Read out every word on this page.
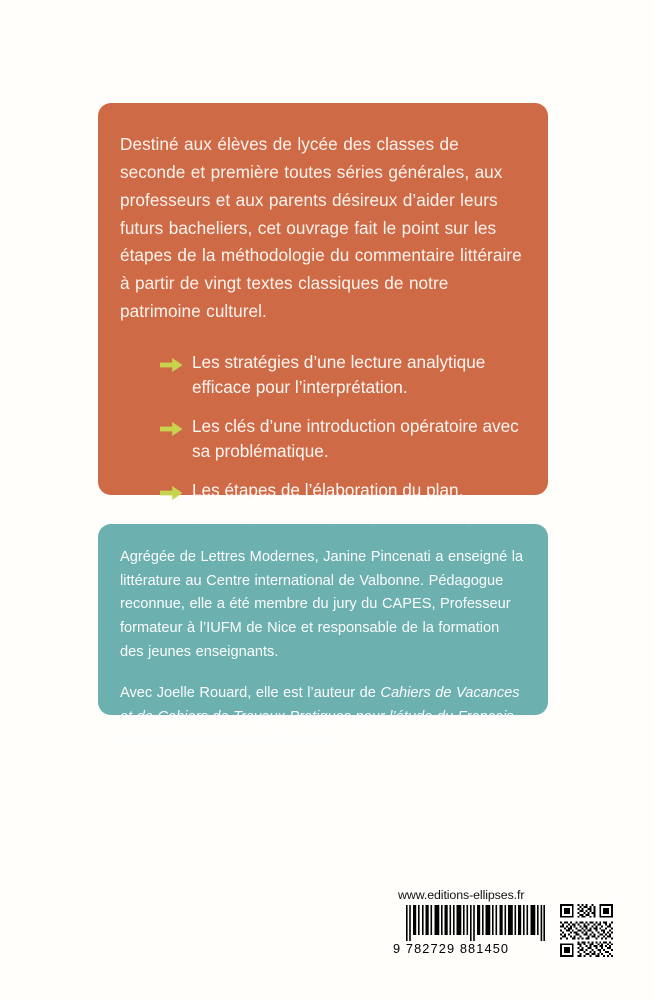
Destiné aux élèves de lycée des classes de seconde et première toutes séries générales, aux professeurs et aux parents désireux d’aider leurs futurs bacheliers, cet ouvrage fait le point sur les étapes de la méthodologie du commentaire littéraire à partir de vingt textes classiques de notre patrimoine culturel.

Les stratégies d’une lecture analytique efficace pour l’interprétation.
Les clés d’une introduction opératoire avec sa problématique.
Les étapes de l’élaboration du plan.

Agrégée de Lettres Modernes, Janine Pincenati a enseigné la littérature au Centre international de Valbonne. Pédagogue reconnue, elle a été membre du jury du CAPES, Professeur formateur à l’IUFM de Nice et responsable de la formation des jeunes enseignants.

Avec Joelle Rouard, elle est l’auteur de Cahiers de Vacances et de Cahiers de Travaux Pratiques pour l’étude du Français au collège aux éditions Chambon.

www.editions-ellipses.fr
9 782729 881450
